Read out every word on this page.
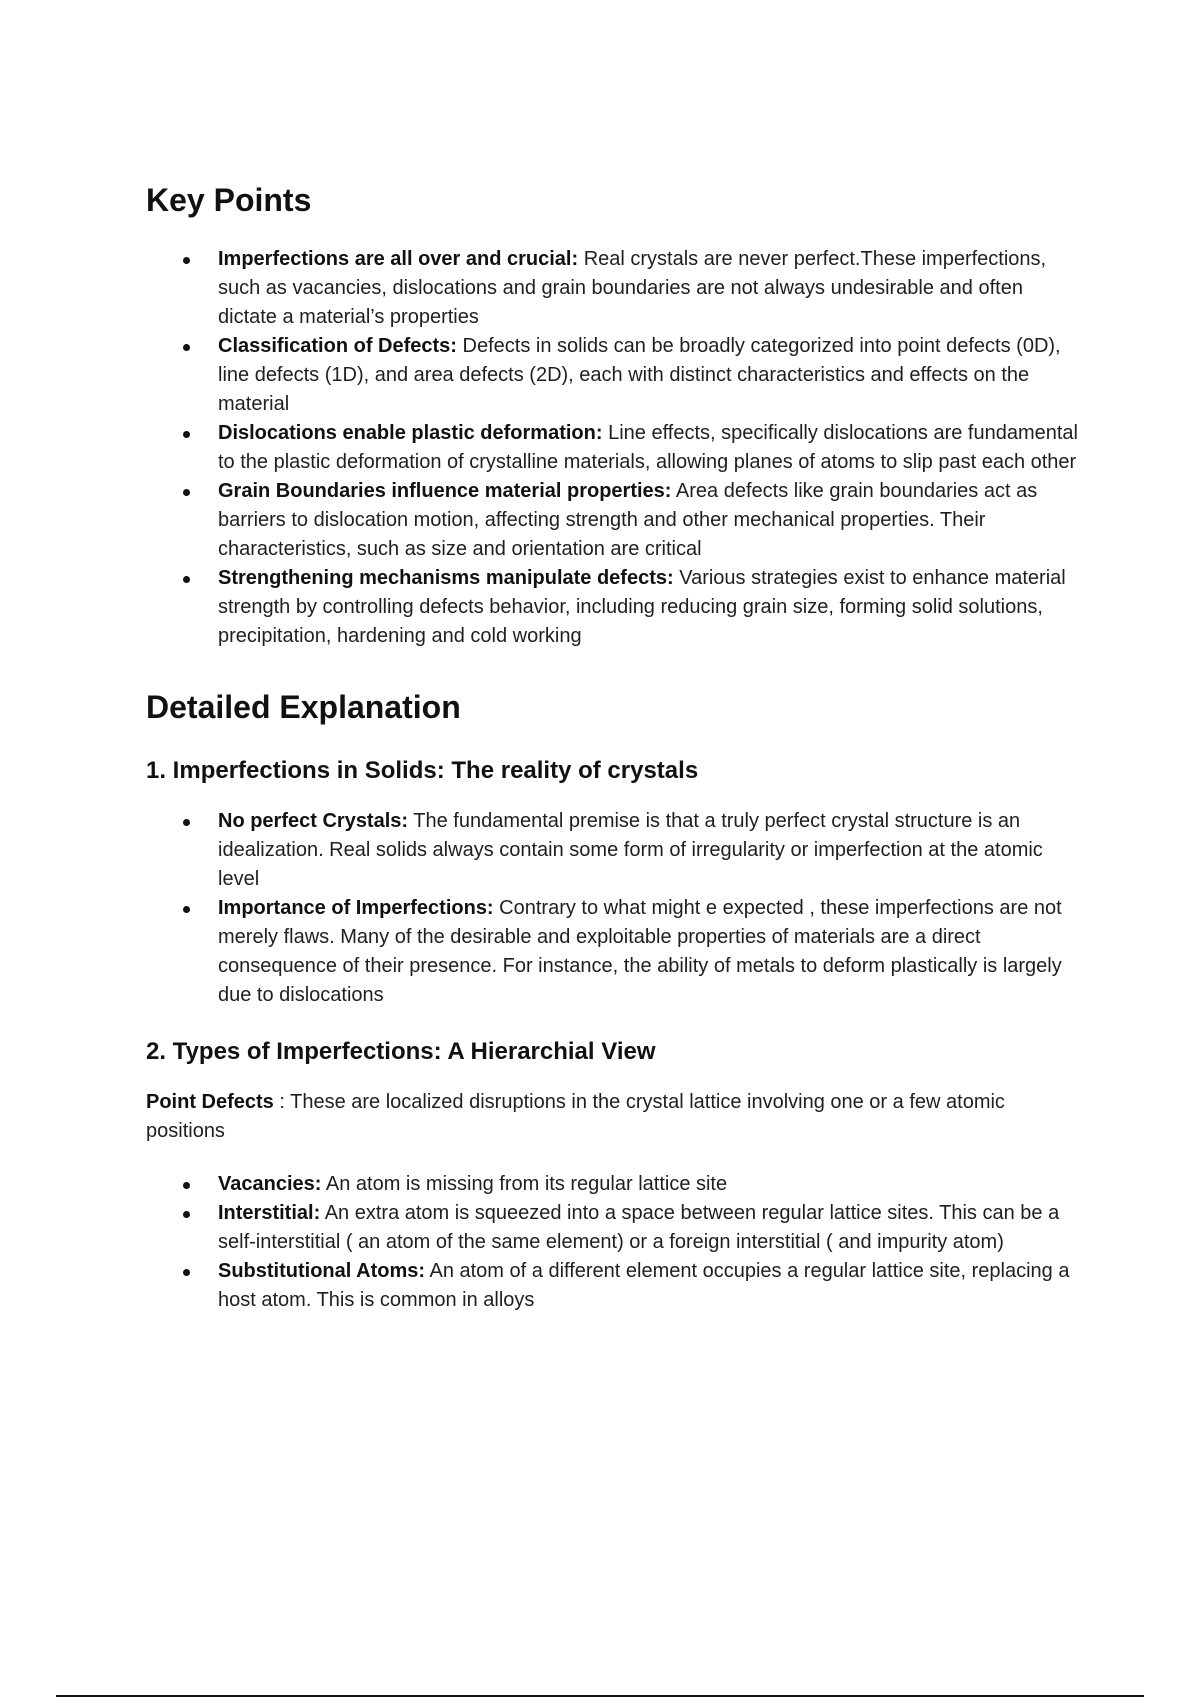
Key Points
Imperfections are all over and crucial: Real crystals are never perfect.These imperfections, such as vacancies, dislocations and grain boundaries are not always undesirable and often dictate a material’s properties
Classification of Defects: Defects in solids can be broadly categorized into point defects (0D), line defects (1D), and area defects (2D), each with distinct characteristics and effects on the material
Dislocations enable plastic deformation: Line effects, specifically dislocations are fundamental to the plastic deformation of crystalline materials, allowing planes of atoms to slip past each other
Grain Boundaries influence material properties: Area defects like grain boundaries act as barriers to dislocation motion, affecting strength and other mechanical properties. Their characteristics, such as size and orientation are critical
Strengthening mechanisms manipulate defects: Various strategies exist to enhance material strength by controlling defects behavior, including reducing grain size, forming solid solutions, precipitation, hardening and cold working
Detailed Explanation
1. Imperfections in Solids: The reality of crystals
No perfect Crystals: The fundamental premise is that a truly perfect crystal structure is an idealization. Real solids always contain some form of irregularity or imperfection at the atomic level
Importance of Imperfections: Contrary to what might e expected , these imperfections are not merely flaws. Many of the desirable and exploitable properties of materials are a direct consequence of their presence. For instance, the ability of metals to deform plastically is largely due to dislocations
2. Types of Imperfections: A Hierarchial View

Point Defects : These are localized disruptions in the crystal lattice involving one or a few atomic positions

Vacancies: An atom is missing from its regular lattice site
Interstitial: An extra atom is squeezed into a space between regular lattice sites. This can be a self-interstitial ( an atom of the same element) or a foreign interstitial ( and impurity atom)
Substitutional Atoms: An atom of a different element occupies a regular lattice site, replacing a host atom. This is common in alloys
